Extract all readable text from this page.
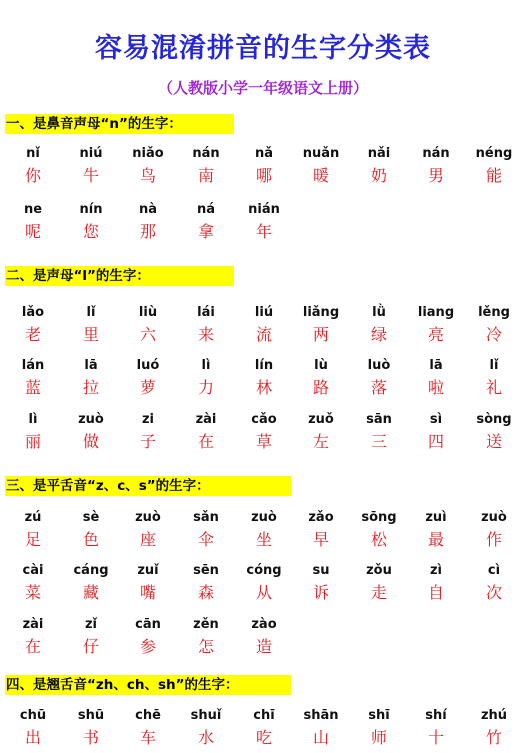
容易混淆拼音的生字分类表
（人教版小学一年级语文上册）
一、是鼻音声母“n”的生字：
nǐ
你
niú
牛
niǎo
鸟
nán
南
nǎ
哪
nuǎn
暖
nǎi
奶
nán
男
néng
能
ne
呢
nín
您
nà
那
ná
拿
nián
年
二、是声母“l”的生字：
lǎo
老
lǐ
里
liù
六
lái
来
liú
流
liǎng
两
lǜ
绿
liang
亮
lěng
冷
lán
蓝
lā
拉
luó
萝
lì
力
lín
林
lù
路
luò
落
lā
啦
lǐ
礼
lì
丽
zuò
做
zi
子
zài
在
cǎo
草
zuǒ
左
sān
三
sì
四
sòng
送
三、是平舌音“z、c、s”的生字：
zú
足
sè
色
zuò
座
sǎn
伞
zuò
坐
zǎo
早
sōng
松
zuì
最
zuò
作
cài
菜
cáng
藏
zuǐ
嘴
sēn
森
cóng
从
su
诉
zǒu
走
zì
自
cì
次
zài
在
zǐ
仔
cān
参
zěn
怎
zào
造
四、是翘舌音“zh、ch、sh”的生字：
chū
出
shū
书
chē
车
shuǐ
水
chī
吃
shān
山
shī
师
shí
十
zhú
竹
